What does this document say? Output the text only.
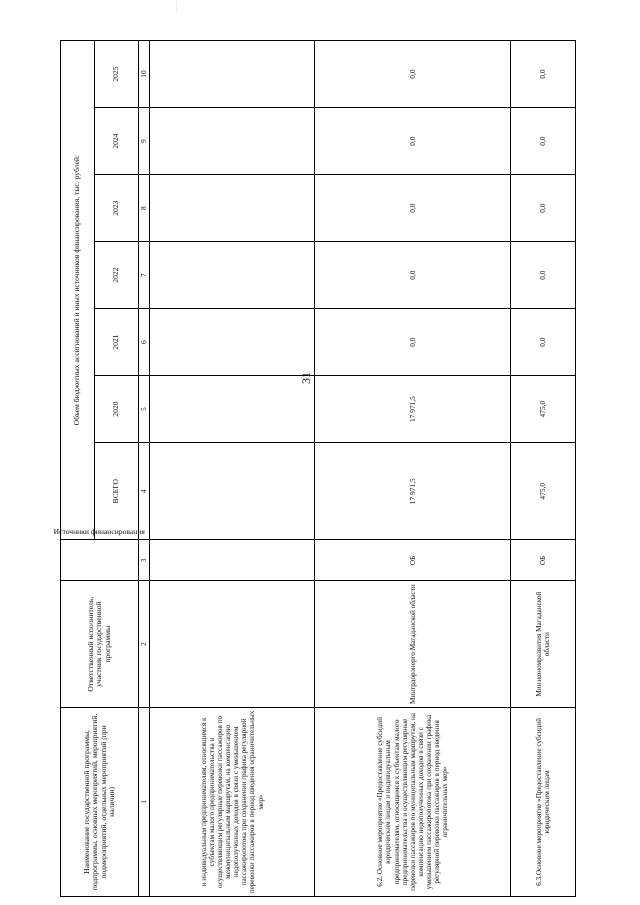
31
Наименование государственной программы, подпрограммы, основных мероприятий, мероприятий, подмероприятий, отдельных мероприятий (при наличии)	Ответственный исполнитель, участник государственной программы	Источники финансирования	Объем бюджетных ассигнований и иных источников финансирования, тыс. рублей:						
			ВСЕГО	2020	2021	2022	2023	2024	2025
1	2	3	4	5	6	7	8	9	10
и индивидуальным предпринимателям, относящимся к субъектам малого предпринимательства и осуществляющим регулярные перевозки пассажиров по межмуниципальным маршрутам, на компенсацию недополученных доходов в связи с уменьшением пассажиропотока при сохранении графика регулярной перевозки пассажиров в период введения ограничительных мер»									
6.2. Основное мероприятие «Предоставление субсидий юридическим лицам и индивидуальным предпринимателям, относящимся к субъектам малого предпринимательства и осуществляющим регулярные перевозки пассажиров по муниципальным маршрутам, на компенсацию недополученных доходов в связи с уменьшением пассажиропотока при сохранении графика регулярной перевозки пассажиров в период введения ограничительных мер»	Минтрдорэнерго Магаданской области	ОБ	17 971,5	17 971,5	0,0	0,0	0,0	0,0	0,0
6.3.Основное мероприятие «Предоставление субсидий юридическим лицам	Минэкономразвития Магаданской области	ОБ	475,0	475,0	0,0	0,0	0,0	0,0	0,0
